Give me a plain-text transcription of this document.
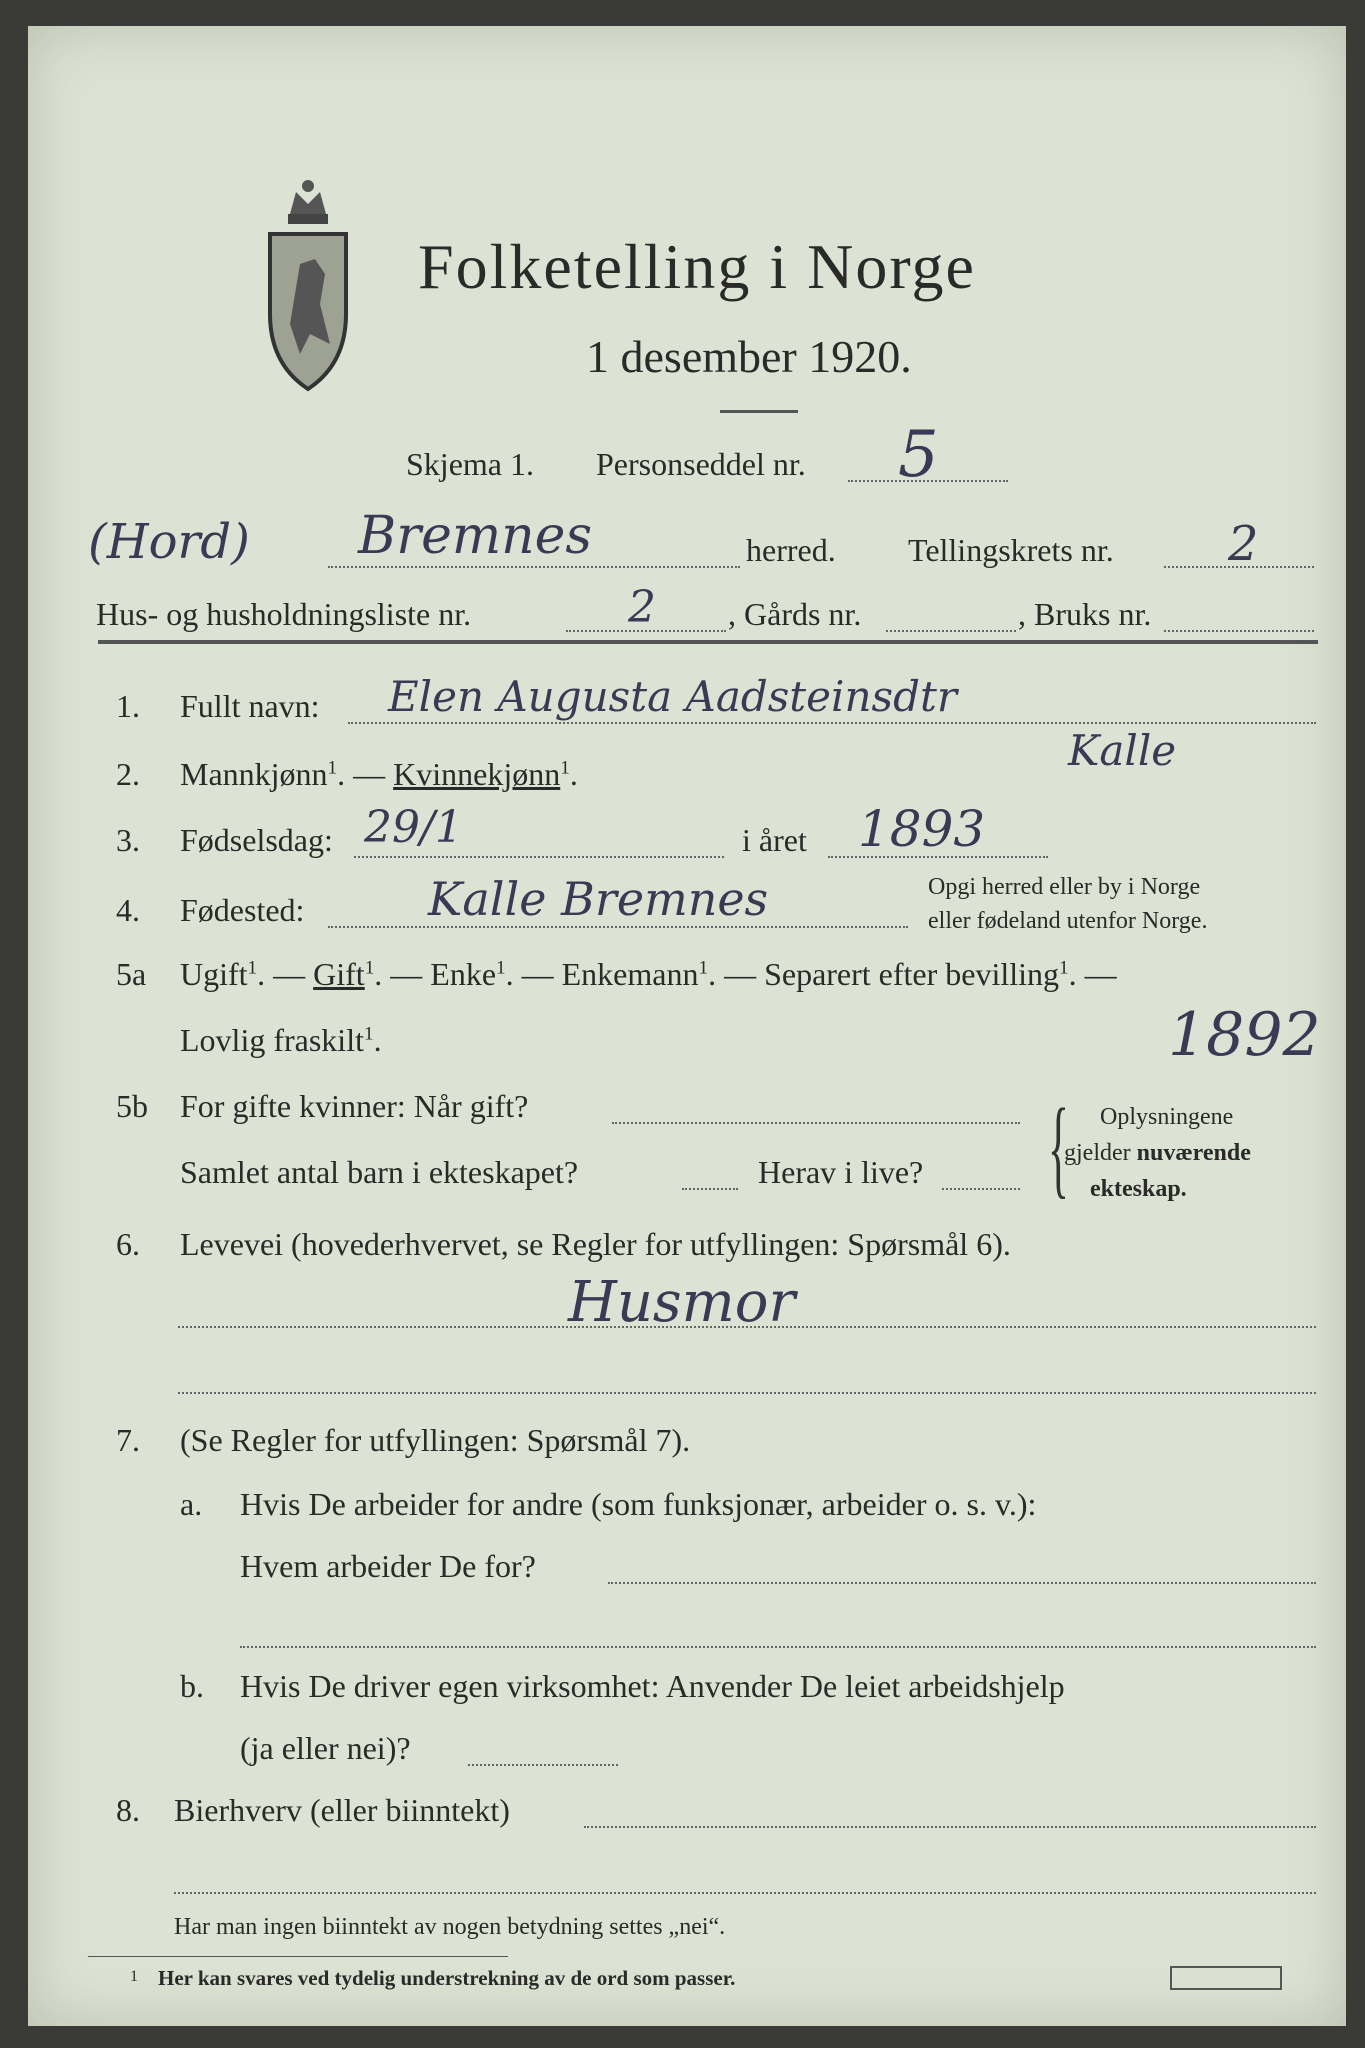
Folketelling i Norge
1 desember 1920.
Skjema 1. Personseddel nr. 5
(Hord) Bremnes	herred. Tellingskrets nr. 2
Hus- og husholdningsliste nr.	2 , Gårds nr.	, Bruks nr.
1. Fullt navn: Elen Augusta Aadsteinsdtr
Kalle
2. Mannkjønn$^1$. — Kvinnekjønn$^1$.
3. Fødselsdag: 29/1	i året 1893
4. Fødested:	Kalle Bremnes	Opgi herred eller by i Norge
eller fødeland utenfor Norge.
5a Ugift$^1$. — Gift$^1$. — Enke$^1$. — Enkemann$^1$. — Separert efter bevilling$^1$. —
Lovlig fraskilt$^1$.	1892
5b For gifte kvinner: Når gift?
Samlet antal barn i ekteskapet?	Herav i live? { Oplysningene
gjelder nuværende
ekteskap.
6. Levevei (hovederhvervet, se Regler for utfyllingen: Spørsmål 6).
Husmor
7. (Se Regler for utfyllingen: Spørsmål 7).
a. Hvis De arbeider for andre (som funksjonær, arbeider o. s. v.):
Hvem arbeider De for?
b. Hvis De driver egen virksomhet: Anvender De leiet arbeidshjelp
(ja eller nei)?
8. Bierhverv (eller biinntekt)
Har man ingen biinntekt av nogen betydning settes „nei“.
1 Her kan svares ved tydelig understrekning av de ord som passer.
